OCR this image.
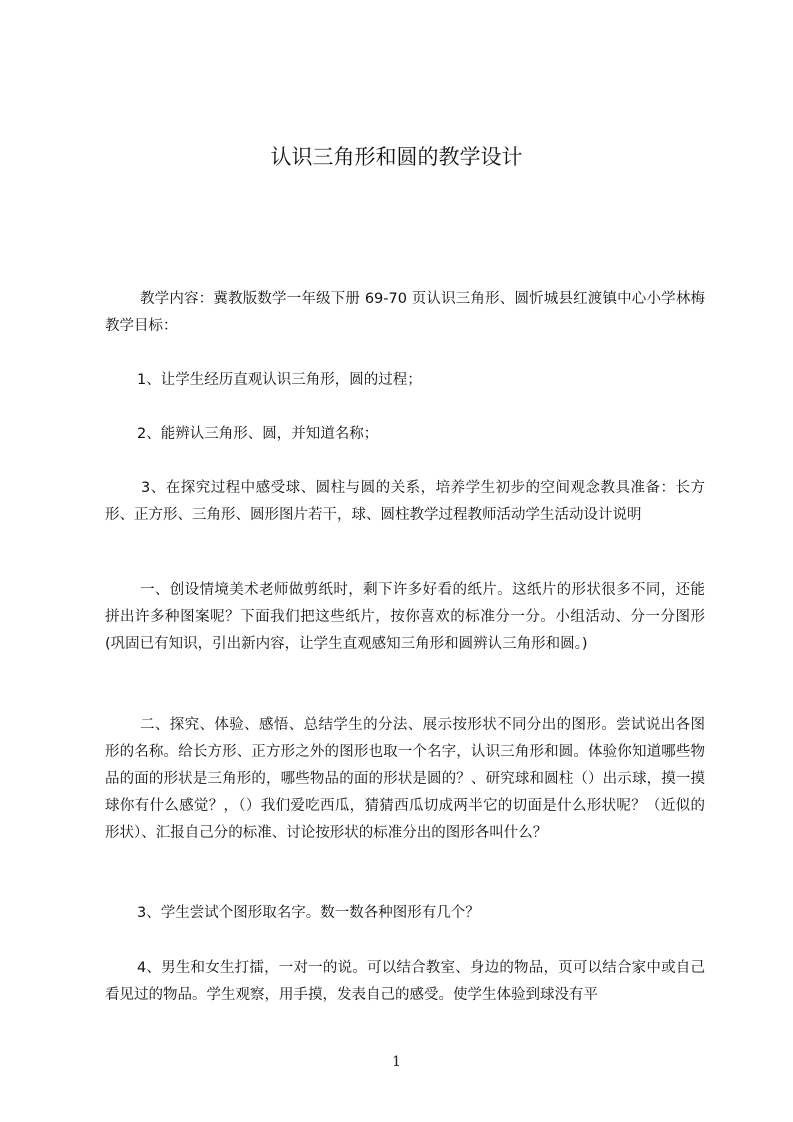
认识三角形和圆的教学设计

教学内容：冀教版数学一年级下册 69-70 页认识三角形、圆忻城县红渡镇中心小学林梅教学目标：

1、让学生经历直观认识三角形，圆的过程；

2、能辨认三角形、圆，并知道名称；

3、在探究过程中感受球、圆柱与圆的关系，培养学生初步的空间观念教具准备：长方形、正方形、三角形、圆形图片若干，球、圆柱教学过程教师活动学生活动设计说明

一、创设情境美术老师做剪纸时，剩下许多好看的纸片。这纸片的形状很多不同，还能拼出许多种图案呢？下面我们把这些纸片，按你喜欢的标准分一分。小组活动、分一分图形(巩固已有知识，引出新内容，让学生直观感知三角形和圆辨认三角形和圆。)

二、探究、体验、感悟、总结学生的分法、展示按形状不同分出的图形。尝试说出各图形的名称。给长方形、正方形之外的图形也取一个名字，认识三角形和圆。体验你知道哪些物品的面的形状是三角形的，哪些物品的面的形状是圆的？、研究球和圆柱（）出示球，摸一摸球你有什么感觉？，（）我们爱吃西瓜，猜猜西瓜切成两半它的切面是什么形状呢？（近似的形状）、汇报自己分的标准、讨论按形状的标准分出的图形各叫什么？

3、学生尝试个图形取名字。数一数各种图形有几个？

4、男生和女生打擂，一对一的说。可以结合教室、身边的物品，页可以结合家中或自己看见过的物品。学生观察，用手摸，发表自己的感受。使学生体验到球没有平

1
